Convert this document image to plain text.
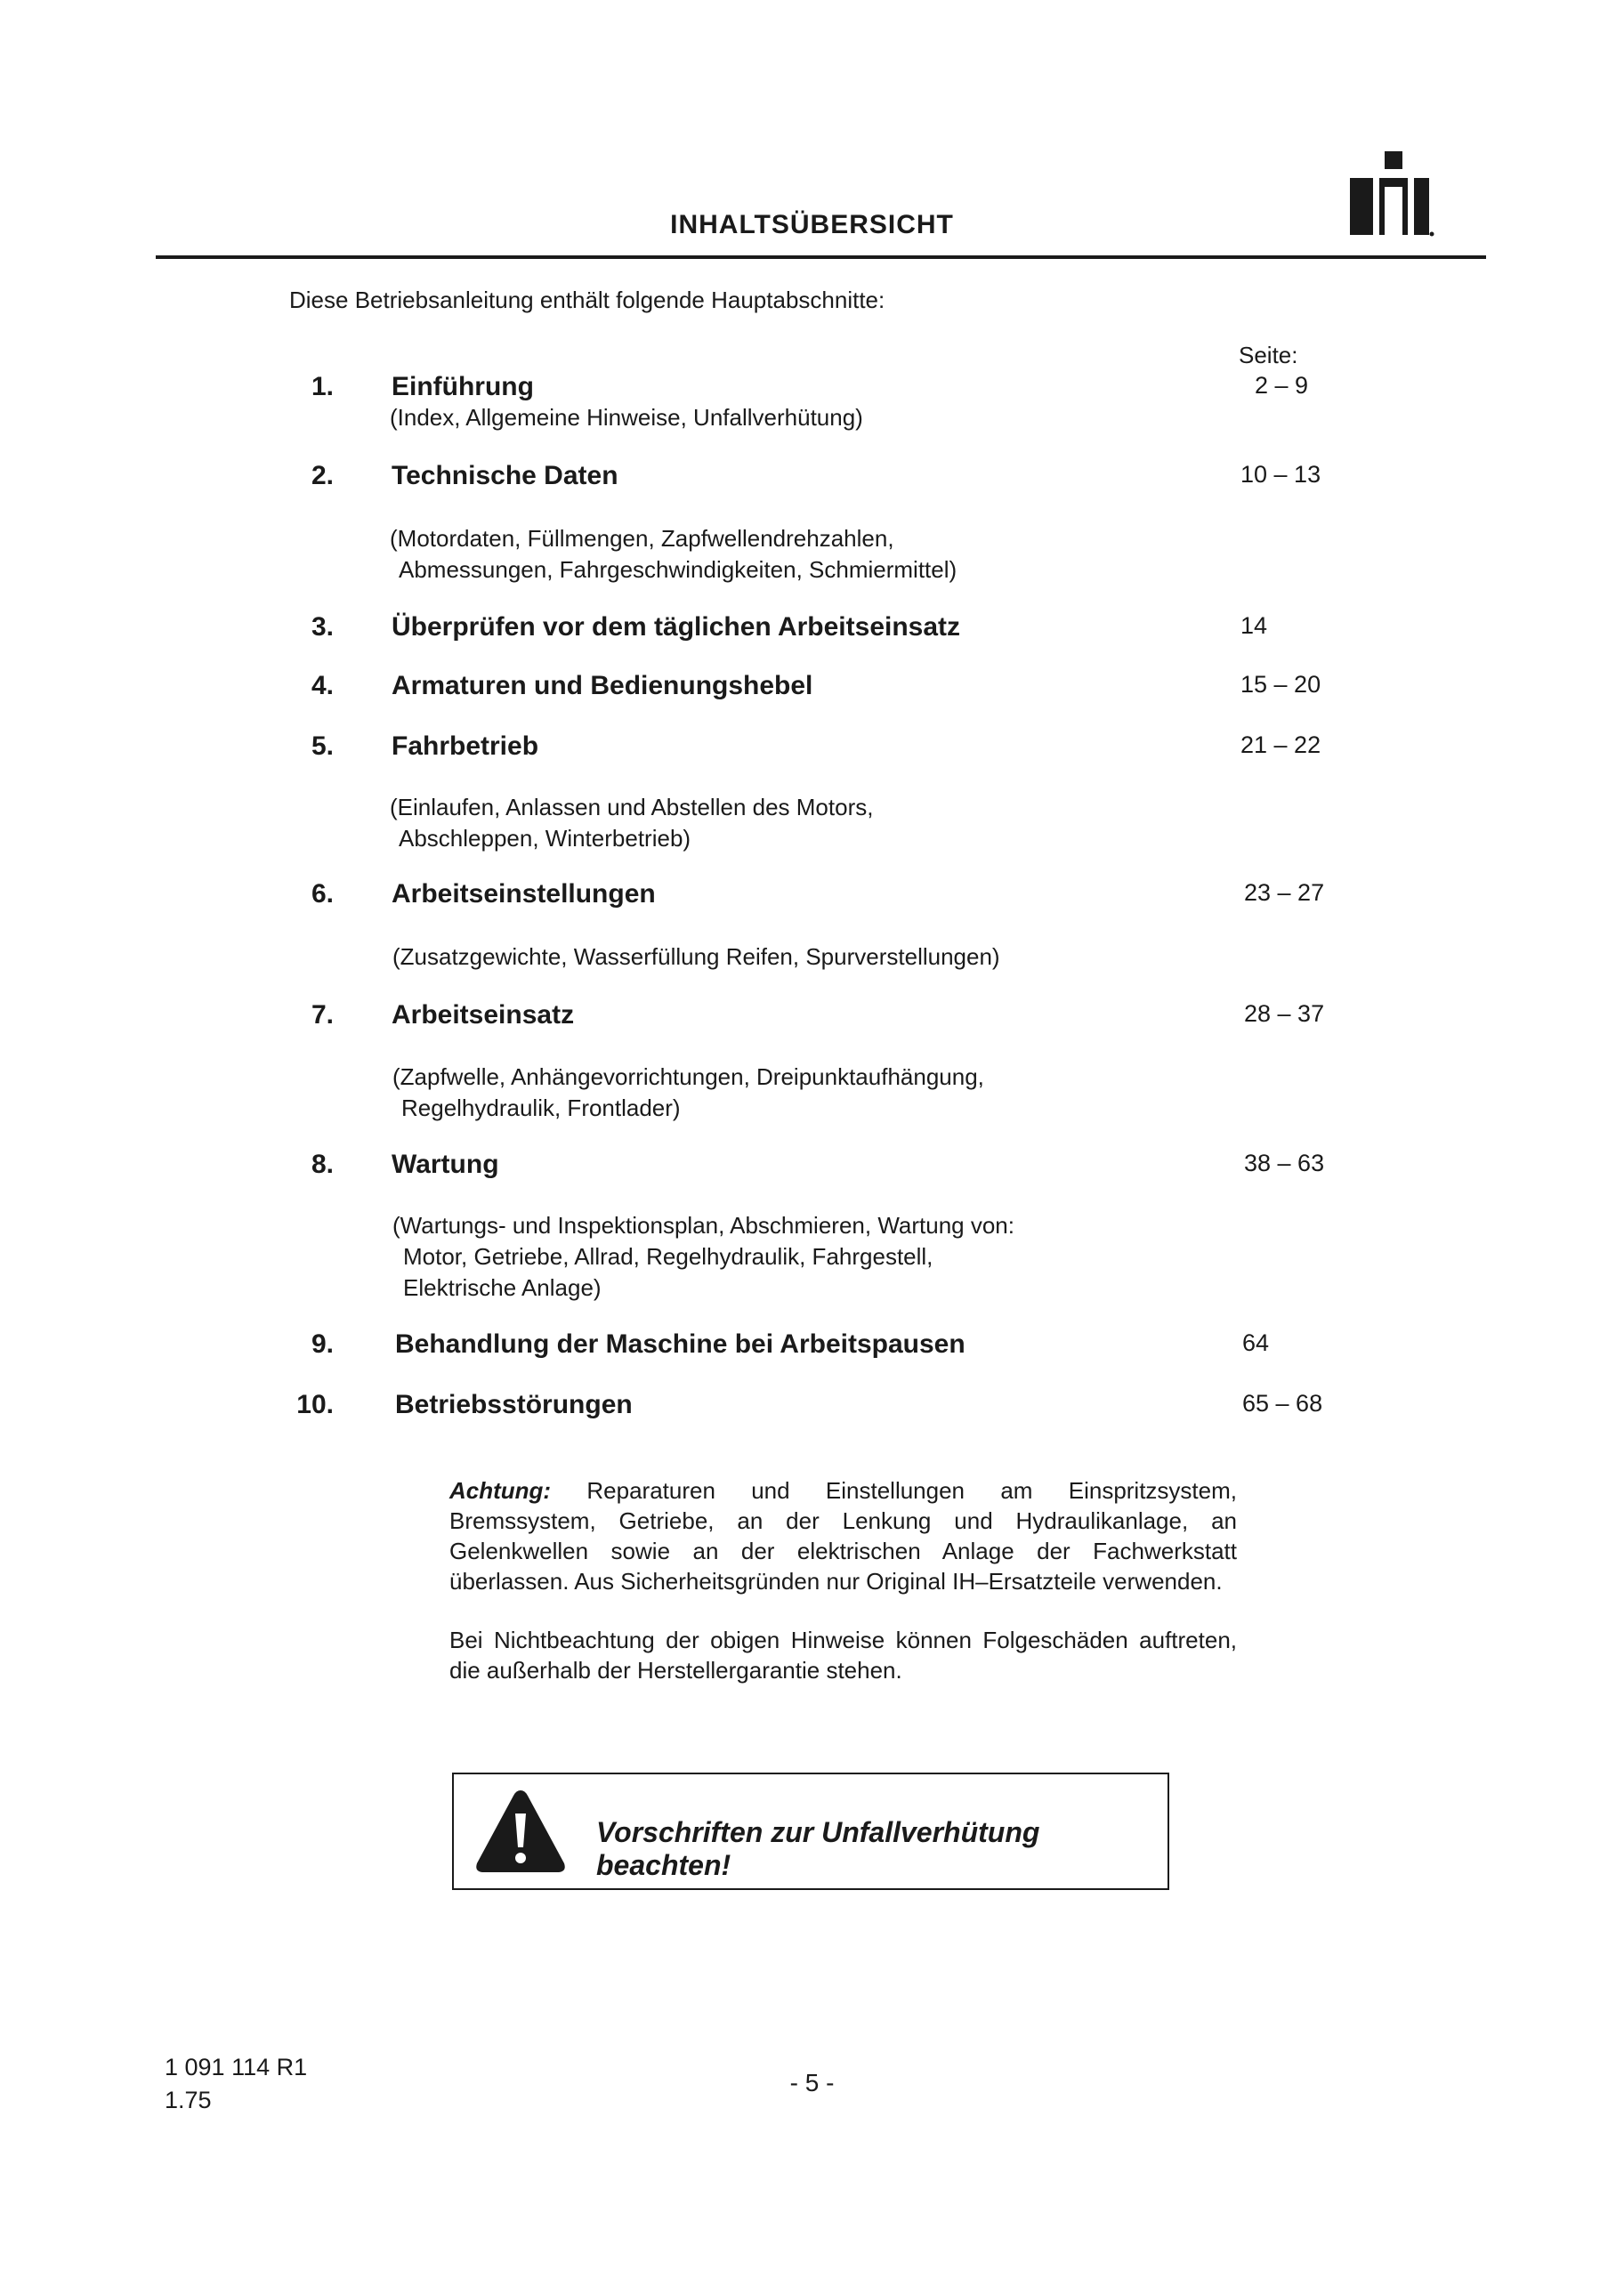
INHALTSÜBERSICHT
Diese Betriebsanleitung enthält folgende Hauptabschnitte:
Seite:
1. Einführung	2 – 9
(Index, Allgemeine Hinweise, Unfallverhütung)
2. Technische Daten	10 – 13
(Motordaten, Füllmengen, Zapfwellendrehzahlen,
Abmessungen, Fahrgeschwindigkeiten, Schmiermittel)
3. Überprüfen vor dem täglichen Arbeitseinsatz	14
4. Armaturen und Bedienungshebel	15 – 20
5. Fahrbetrieb	21 – 22
(Einlaufen, Anlassen und Abstellen des Motors,
Abschleppen, Winterbetrieb)
6. Arbeitseinstellungen	23 – 27
(Zusatzgewichte, Wasserfüllung Reifen, Spurverstellungen)
7. Arbeitseinsatz	28 – 37
(Zapfwelle, Anhängevorrichtungen, Dreipunktaufhängung,
Regelhydraulik, Frontlader)
8. Wartung	38 – 63
(Wartungs- und Inspektionsplan, Abschmieren, Wartung von:
Motor, Getriebe, Allrad, Regelhydraulik, Fahrgestell,
Elektrische Anlage)
9. Behandlung der Maschine bei Arbeitspausen	64
10. Betriebsstörungen	65 – 68
Achtung: Reparaturen und Einstellungen am Einspritzsystem, Bremssystem, Getriebe, an der Lenkung und Hydraulikanlage, an Gelenkwellen sowie an der elektrischen Anlage der Fachwerkstatt überlassen. Aus Sicherheitsgründen nur Original IH–Ersatzteile verwenden.
Bei Nichtbeachtung der obigen Hinweise können Folgeschäden auftreten, die außerhalb der Herstellergarantie stehen.
Vorschriften zur Unfallverhütung beachten!
1 091 114 R1
1.75
- 5 -
